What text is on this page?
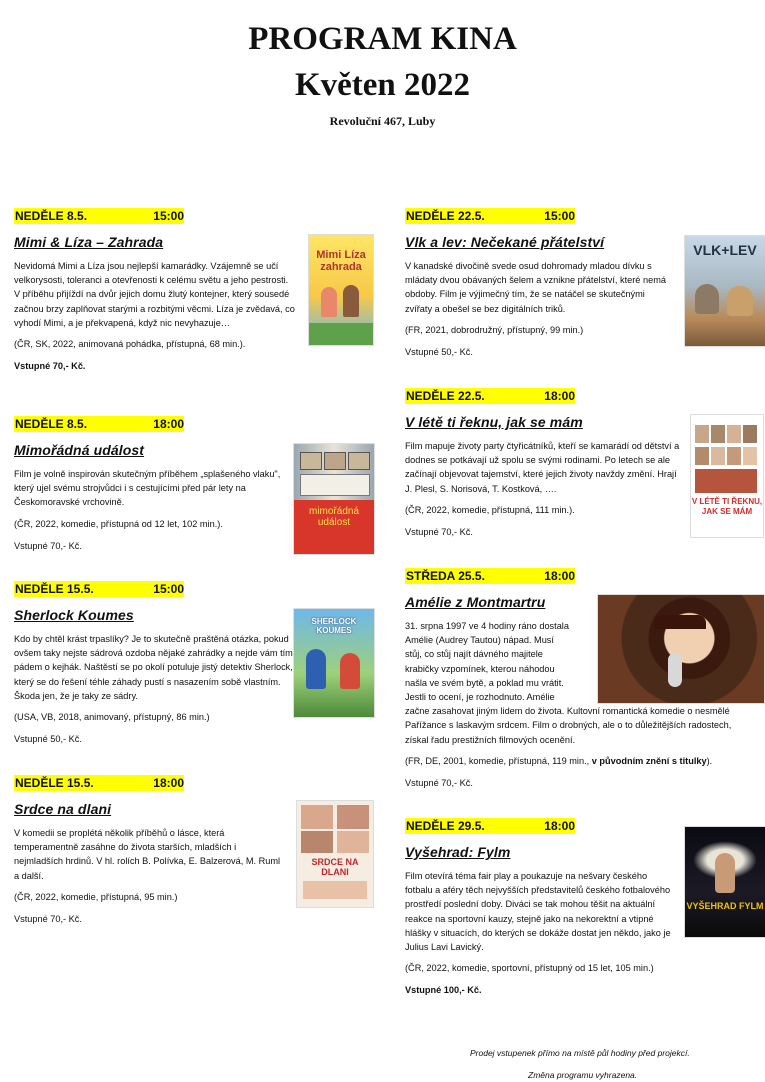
PROGRAM KINA
Květen 2022
Revoluční 467, Luby
NEDĚLE 8.5.	15:00
Mimi & Líza – Zahrada

Nevidomá Mimi a Líza jsou nejlepší kamarádky. Vzájemně se učí velkorysosti, toleranci a otevřenosti k celému světu a jeho pestrosti. V příběhu přijíždí na dvůr jejich domu žlutý kontejner, který sousedé začnou brzy zaplňovat starými a rozbitými věcmi. Líza je zvědavá, co vyhodí Mimi, a je překvapená, když nic nevyhazuje…

(ČR, SK, 2022, animovaná pohádka, přístupná, 68 min.).
Vstupné 70,- Kč.
Mimi Líza zahrada
NEDĚLE 8.5.	18:00
Mimořádná událost

Film je volně inspirován skutečným příběhem „splašeného vlaku", který ujel svému strojvůdci i s cestujícími před pár lety na Českomoravské vrchovině.

(ČR, 2022, komedie, přístupná od 12 let, 102 min.).
Vstupné 70,- Kč.
mimořádná událost
NEDĚLE 15.5.	15:00
Sherlock Koumes

Kdo by chtěl krást trpaslíky? Je to skutečně praštěná otázka, pokud ovšem taky nejste sádrová ozdoba nějaké zahrádky a nejde vám tím pádem o kejhák. Naštěstí se po okolí potuluje jistý detektiv Sherlock, který se do řešení téhle záhady pustí s nasazením sobě vlastním. Škoda jen, že je taky ze sádry.

(USA, VB, 2018, animovaný, přístupný, 86 min.)
Vstupné 50,- Kč.
SHERLOCK KOUMES
NEDĚLE 15.5.	18:00
Srdce na dlani

V komedii se proplétá několik příběhů o lásce, která temperamentně zasáhne do života starších, mladších i nejmladších hrdinů. V hl. rolích B. Polívka, E. Balzerová, M. Ruml a další.

(ČR, 2022, komedie, přístupná, 95 min.)
Vstupné 70,- Kč.
SRDCE NA DLANI
NEDĚLE 22.5.	15:00
Vlk a lev: Nečekané přátelství

V kanadské divočině svede osud dohromady mladou dívku s mládaty dvou obávaných šelem a vznikne přátelství, které nemá obdoby. Film je výjimečný tím, že se natáčel se skutečnými zvířaty a obešel se bez digitálních triků.

(FR, 2021, dobrodružný, přístupný, 99 min.)
Vstupné 50,- Kč.
VLK+LEV
NEDĚLE 22.5.	18:00
V létě ti řeknu, jak se mám

Film mapuje životy party čtyřicátníků, kteří se kamarádí od dětství a dodnes se potkávají už spolu se svými rodinami. Po letech se ale začínají objevovat tajemství, které jejich životy navždy změní. Hrají J. Plesl, S. Norisová, T. Kostková, ….

(ČR, 2022, komedie, přístupná, 111 min.).
Vstupné 70,- Kč.
V LÉTĚ TI ŘEKNU, JAK SE MÁM
STŘEDA 25.5.	18:00
Amélie z Montmartru

31. srpna 1997 ve 4 hodiny ráno dostala Amélie (Audrey Tautou) nápad. Musí stůj, co stůj najít dávného majitele krabičky vzpomínek, kterou náhodou našla ve svém bytě, a poklad mu vrátit. Jestli to ocení, je rozhodnuto. Amélie začne zasahovat jiným lidem do života. Kultovní romantická komedie o nesmělé Pařížance s laskavým srdcem. Film o drobných, ale o to důležitějších radostech, získal řadu prestižních filmových ocenění.

(FR, DE, 2001, komedie, přístupná, 119 min., v původním znění s titulky).
Vstupné 70,- Kč.
NEDĚLE 29.5.	18:00
Vyšehrad: Fylm

Film otevírá téma fair play a poukazuje na nešvary českého fotbalu a aféry těch nejvyšších představitelů českého fotbalového prostředí poslední doby. Diváci se tak mohou těšit na aktuální reakce na sportovní kauzy, stejně jako na nekorektní a vtipné hlášky v situacích, do kterých se dokáže dostat jen někdo, jako je Julius Lavi Lavický.

(ČR, 2022, komedie, sportovní, přístupný od 15 let, 105 min.)
Vstupné 100,- Kč.
VYŠEHRAD FYLM
Prodej vstupenek přímo na místě půl hodiny před projekcí.
Změna programu vyhrazena.
